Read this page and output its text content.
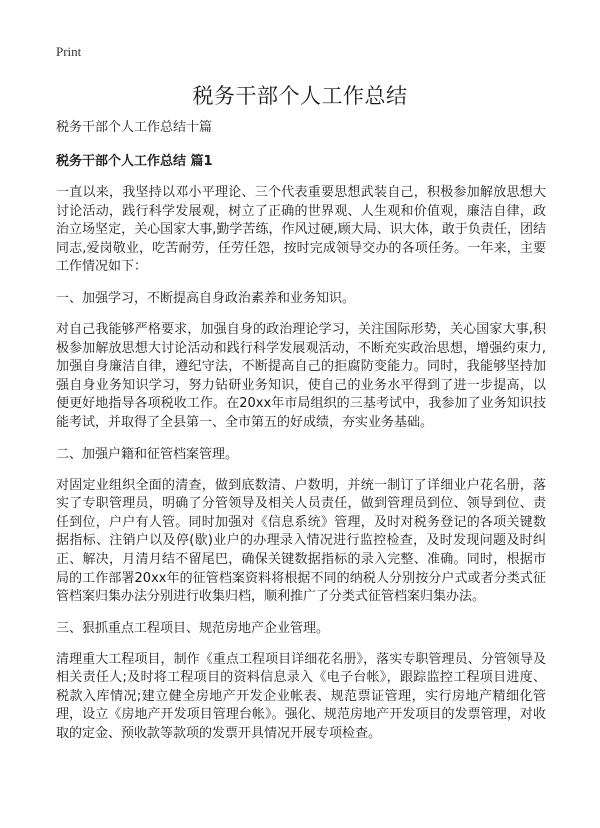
Print
税务干部个人工作总结

税务干部个人工作总结十篇

税务干部个人工作总结 篇1

一直以来，我坚持以邓小平理论、三个代表重要思想武装自己，积极参加解放思想大讨论活动，践行科学发展观，树立了正确的世界观、人生观和价值观，廉洁自律，政治立场坚定，关心国家大事,勤学苦练，作风过硬,顾大局、识大体，敢于负责任，团结同志,爱岗敬业，吃苦耐劳，任劳任怨，按时完成领导交办的各项任务。一年来，主要工作情况如下：

一、加强学习，不断提高自身政治素养和业务知识。

对自己我能够严格要求，加强自身的政治理论学习，关注国际形势，关心国家大事,积极参加解放思想大讨论活动和践行科学发展观活动，不断充实政治思想，增强约束力,加强自身廉洁自律，遵纪守法，不断提高自己的拒腐防变能力。同时，我能够坚持加强自身业务知识学习，努力钻研业务知识，使自己的业务水平得到了进一步提高，以便更好地指导各项税收工作。在20xx年市局组织的三基考试中，我参加了业务知识技能考试，并取得了全县第一、全市第五的好成绩，夯实业务基础。

二、加强户籍和征管档案管理。

对固定业组织全面的清查，做到底数清、户数明，并统一制订了详细业户花名册，落实了专职管理员，明确了分管领导及相关人员责任，做到管理员到位、领导到位、责任到位，户户有人管。同时加强对《信息系统》管理，及时对税务登记的各项关键数据指标、注销户以及停(歇)业户的办理录入情况进行监控检查，及时发现问题及时纠正、解决，月清月结不留尾巴，确保关键数据指标的录入完整、准确。同时，根据市局的工作部署20xx年的征管档案资料将根据不同的纳税人分别按分户式或者分类式征管档案归集办法分别进行收集归档，顺利推广了分类式征管档案归集办法。

三、狠抓重点工程项目、规范房地产企业管理。

清理重大工程项目，制作《重点工程项目详细花名册》，落实专职管理员、分管领导及相关责任人;及时将工程项目的资料信息录入《电子台帐》，跟踪监控工程项目进度、税款入库情况;建立健全房地产开发企业帐表、规范票证管理，实行房地产精细化管理，设立《房地产开发项目管理台帐》。强化、规范房地产开发项目的发票管理，对收取的定金、预收款等款项的发票开具情况开展专项检查。
